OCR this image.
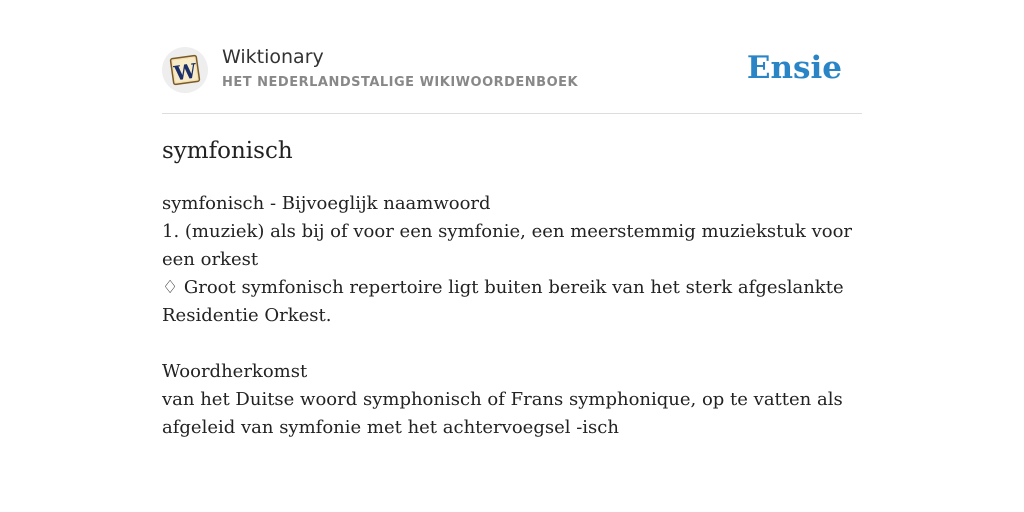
W
Wiktionary
HET NEDERLANDSTALIGE WIKIWOORDENBOEK	Ensie
symfonisch

symfonisch - Bijvoeglijk naamwoord

1. (muziek) als bij of voor een symfonie, een meerstemmig muziekstuk voor een orkest

♢ Groot symfonisch repertoire ligt buiten bereik van het sterk afgeslankte Residentie Orkest.

Woordherkomst

van het Duitse woord symphonisch of Frans symphonique, op te vatten als afgeleid van symfonie met het achtervoegsel -isch
